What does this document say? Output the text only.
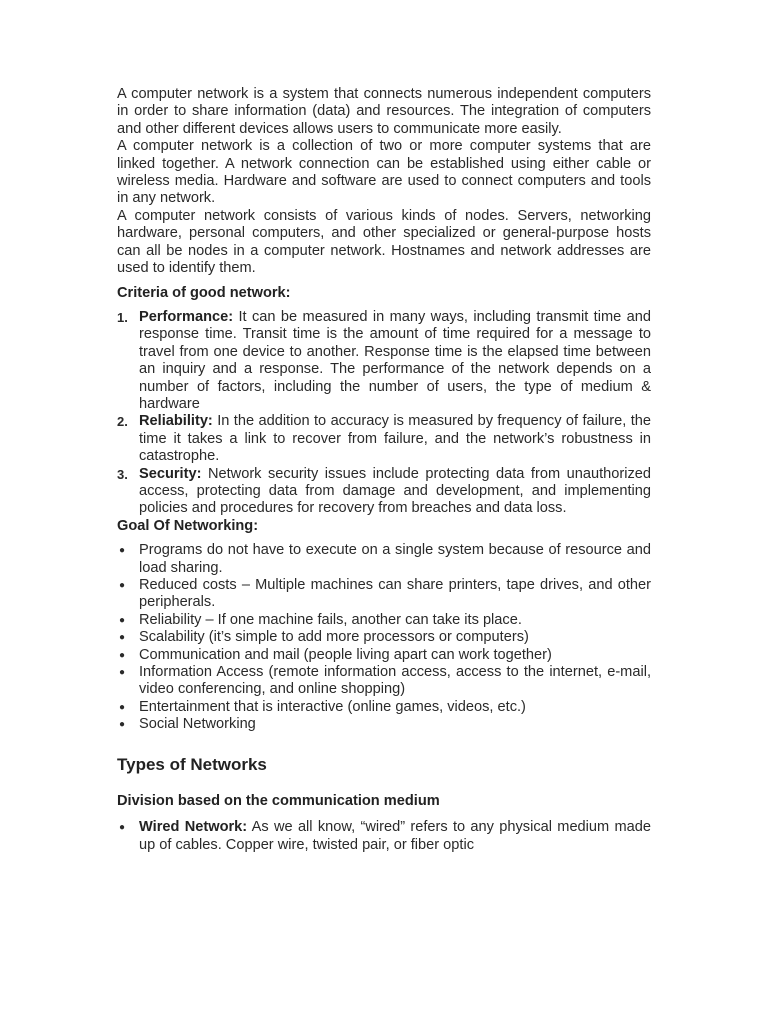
A computer network is a system that connects numerous independent computers in order to share information (data) and resources. The integration of computers and other different devices allows users to communicate more easily.

A computer network is a collection of two or more computer systems that are linked together. A network connection can be established using either cable or wireless media. Hardware and software are used to connect computers and tools in any network.

A computer network consists of various kinds of nodes. Servers, networking hardware, personal computers, and other specialized or general-purpose hosts can all be nodes in a computer network. Hostnames and network addresses are used to identify them.

Criteria of good network:
1. Performance: It can be measured in many ways, including transmit time and response time. Transit time is the amount of time required for a message to travel from one device to another. Response time is the elapsed time between an inquiry and a response. The performance of the network depends on a number of factors, including the number of users, the type of medium & hardware
2. Reliability: In the addition to accuracy is measured by frequency of failure, the time it takes a link to recover from failure, and the network’s robustness in catastrophe.
3. Security: Network security issues include protecting data from unauthorized access, protecting data from damage and development, and implementing policies and procedures for recovery from breaches and data loss.
Goal Of Networking:
● Programs do not have to execute on a single system because of resource and load sharing.
● Reduced costs – Multiple machines can share printers, tape drives, and other peripherals.
● Reliability – If one machine fails, another can take its place.
● Scalability (it’s simple to add more processors or computers)
● Communication and mail (people living apart can work together)
● Information Access (remote information access, access to the internet, e-mail, video conferencing, and online shopping)
● Entertainment that is interactive (online games, videos, etc.)
● Social Networking
Types of Networks
Division based on the communication medium
● Wired Network: As we all know, “wired” refers to any physical medium made up of cables. Copper wire, twisted pair, or fiber optic
